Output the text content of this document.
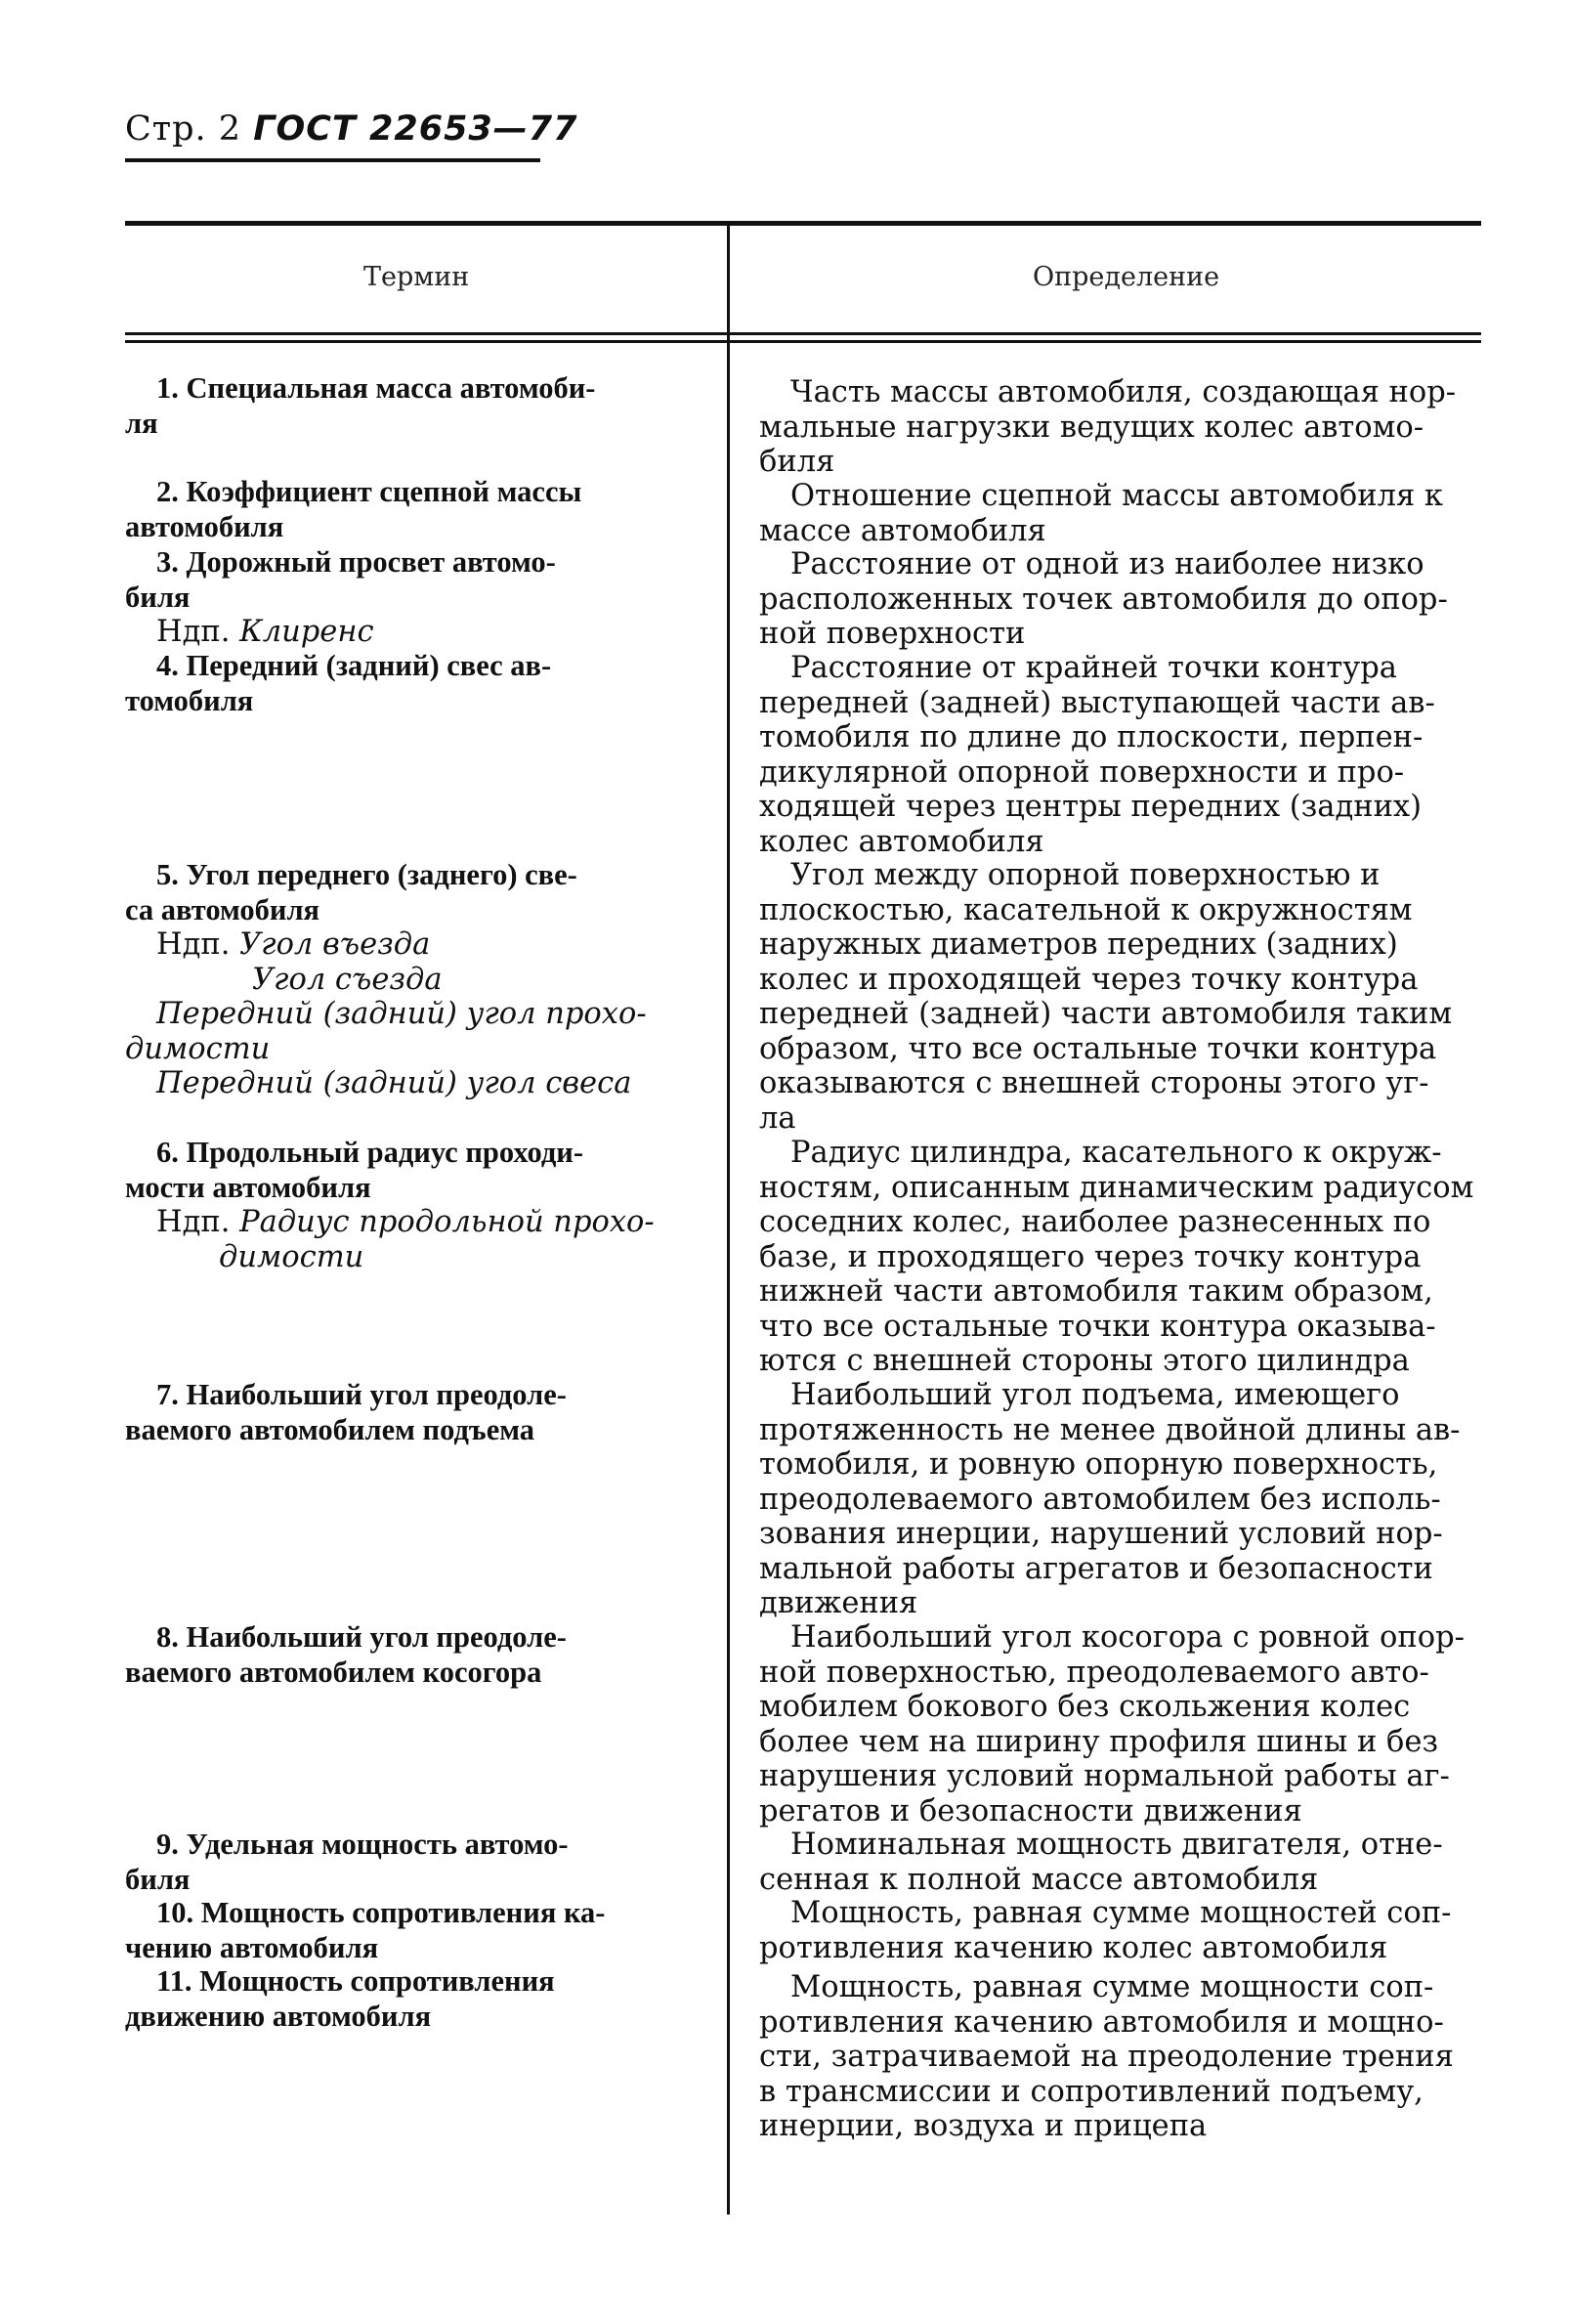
Стр. 2 ГОСТ 22653—77
Термин	Определение
1. Специальная масса автомоби-
ля
Часть массы автомобиля, создающая нор-
мальные нагрузки ведущих колес автомо-
биля
2. Коэффициент сцепной массы
автомобиля
Отношение сцепной массы автомобиля к
массе автомобиля
3. Дорожный просвет автомо-
биля
Ндп. Клиренс
Расстояние от одной из наиболее низко
расположенных точек автомобиля до опор-
ной поверхности
4. Передний (задний) свес ав-
томобиля
Расстояние от крайней точки контура
передней (задней) выступающей части ав-
томобиля по длине до плоскости, перпен-
дикулярной опорной поверхности и про-
ходящей через центры передних (задних)
колес автомобиля
5. Угол переднего (заднего) све-
са автомобиля
Ндп. Угол въезда
Угол съезда
Передний (задний) угол прохо-
димости
Передний (задний) угол свеса
Угол между опорной поверхностью и
плоскостью, касательной к окружностям
наружных диаметров передних (задних)
колес и проходящей через точку контура
передней (задней) части автомобиля таким
образом, что все остальные точки контура
оказываются с внешней стороны этого уг-
ла
6. Продольный радиус проходи-
мости автомобиля
Ндп. Радиус продольной прохо-
димости
Радиус цилиндра, касательного к окруж-
ностям, описанным динамическим радиусом
соседних колес, наиболее разнесенных по
базе, и проходящего через точку контура
нижней части автомобиля таким образом,
что все остальные точки контура оказыва-
ются с внешней стороны этого цилиндра
7. Наибольший угол преодоле-
ваемого автомобилем подъема
Наибольший угол подъема, имеющего
протяженность не менее двойной длины ав-
томобиля, и ровную опорную поверхность,
преодолеваемого автомобилем без исполь-
зования инерции, нарушений условий нор-
мальной работы агрегатов и безопасности
движения
8. Наибольший угол преодоле-
ваемого автомобилем косогора
Наибольший угол косогора с ровной опор-
ной поверхностью, преодолеваемого авто-
мобилем бокового без скольжения колес
более чем на ширину профиля шины и без
нарушения условий нормальной работы аг-
регатов и безопасности движения
9. Удельная мощность автомо-
биля
Номинальная мощность двигателя, отне-
сенная к полной массе автомобиля
10. Мощность сопротивления ка-
чению автомобиля
Мощность, равная сумме мощностей соп-
ротивления качению колес автомобиля
11. Мощность сопротивления
движению автомобиля
Мощность, равная сумме мощности соп-
ротивления качению автомобиля и мощно-
сти, затрачиваемой на преодоление трения
в трансмиссии и сопротивлений подъему,
инерции, воздуха и прицепа
